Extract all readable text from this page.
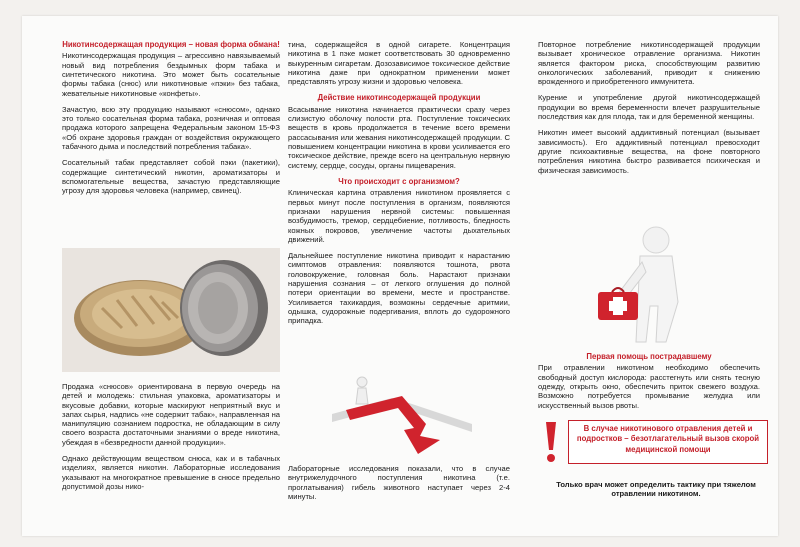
Никотинсодержащая продукция – новая форма обмана!

Никотинсодержащая продукция – агрессивно навязываемый новый вид потребления бездымных форм табака и синтетического никотина. Это может быть сосательные формы табака (снюс) или никотиновые «пэки» без табака, жевательные никотиновые «конфеты».

Зачастую, всю эту продукцию называют «снюсом», однако это только сосательная форма табака, розничная и оптовая продажа которого запрещена Федеральным законом 15-ФЗ «Об охране здоровья граждан от воздействия окружающего табачного дыма и последствий потребления табака».

Сосательный табак представляет собой пэки (пакетики), содержащие синтетический никотин, ароматизаторы и вспомогательные вещества, зачастую представляющие угрозу для здоровья человека (например, свинец).

Продажа «снюсов» ориентирована в первую очередь на детей и молодежь: стильная упаковка, ароматизаторы и вкусовые добавки, которые маскируют неприятный вкус и запах сырья, надпись «не содержит табак», направленная на манипуляцию сознанием подростка, не обладающим в силу своего возраста достаточными знаниями о вреде никотина, убеждая в «безвредности данной продукции».

Однако действующим веществом снюса, как и в табачных изделиях, является никотин. Лабораторные исследования указывают на многократное превышение в снюсе предельно допустимой дозы нико-

тина, содержащейся в одной сигарете. Концентрация никотина в 1 пэке может соответствовать 30 одновременно выкуренным сигаретам. Дозозависимое токсическое действие никотина даже при однократном применении может представлять угрозу жизни и здоровью человека.

Действие никотинсодержащей продукции

Всасывание никотина начинается практически сразу через слизистую оболочку полости рта. Поступление токсических веществ в кровь продолжается в течение всего времени рассасывания или жевания никотинсодержащей продукции. С повышением концентрации никотина в крови усиливается его токсическое действие, прежде всего на центральную нервную систему, сердце, сосуды, органы пищеварения.

Что происходит с организмом?

Клиническая картина отравления никотином проявляется с первых минут после поступления в организм, появляются признаки нарушения нервной системы: повышенная возбудимость, тремор, сердцебиение, потливость, бледность кожных покровов, увеличение частоты дыхательных движений.

Дальнейшее поступление никотина приводит к нарастанию симптомов отравления: появляются тошнота, рвота головокружение, головная боль. Нарастают признаки нарушения сознания – от легкого оглушения до полной потери ориентации во времени, месте и пространстве. Усиливается тахикардия, возможны сердечные аритмии, одышка, судорожные подергивания, вплоть до судорожного припадка.

Лабораторные исследования показали, что в случае внутрижелудочного поступления никотина (т.е. проглатывания) гибель животного наступает через 2-4 минуты.

Повторное потребление никотинсодержащей продукции вызывает хроническое отравление организма. Никотин является фактором риска, способствующим развитию онкологических заболеваний, приводит к снижению врожденного и приобретенного иммунитета.

Курение и употребление другой никотинсодержащей продукции во время беременности влечет разрушительные последствия как для плода, так и для беременной женщины.

Никотин имеет высокий аддиктивный потенциал (вызывает зависимость). Его аддиктивный потенциал превосходит другие психоактивные вещества, на фоне повторного потребления никотина быстро развивается психическая и физическая зависимость.

Первая помощь пострадавшему

При отравлении никотином необходимо обеспечить свободный доступ кислорода: расстегнуть или снять тесную одежду, открыть окно, обеспечить приток свежего воздуха. Возможно потребуется промывание желудка или искусственный вызов рвоты.

В случае никотинового отравления детей и подростков – безотлагательный вызов скорой медицинской помощи
Только врач может определить тактику при тяжелом отравлении никотином.
